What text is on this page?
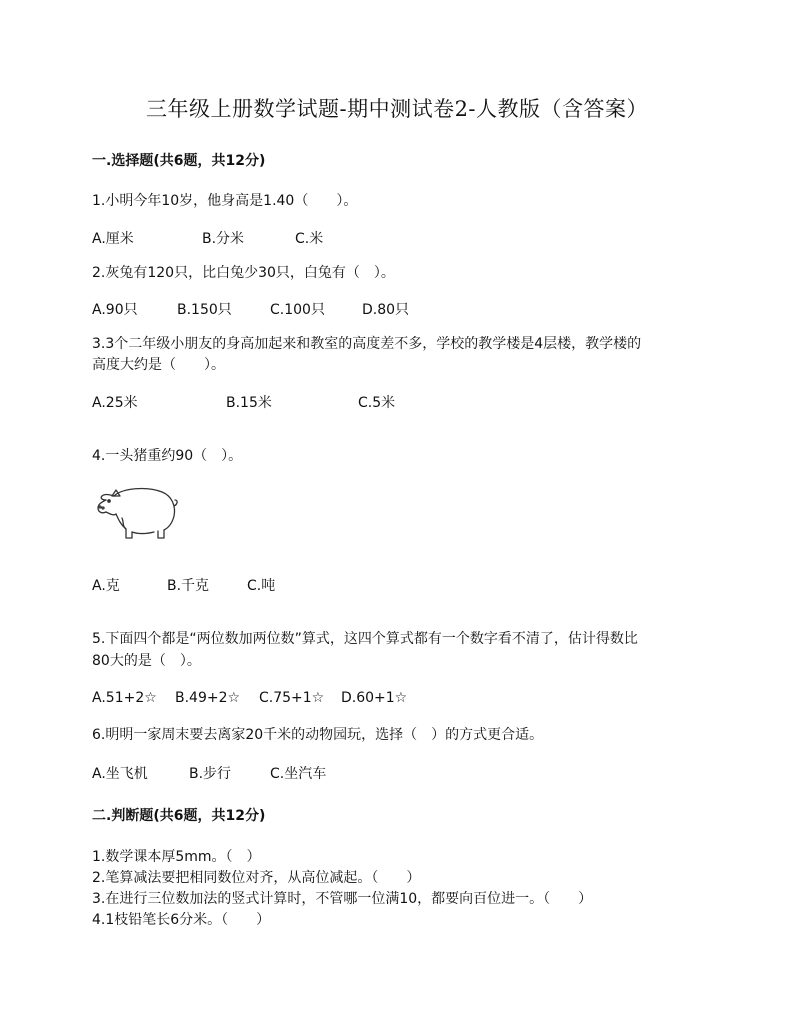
三年级上册数学试题-期中测试卷2-人教版（含答案）
一.选择题(共6题，共12分)
1.小明今年10岁，他身高是1.40（　　）。
A.厘米	B.分米	C.米
2.灰兔有120只，比白兔少30只，白兔有（　）。
A.90只	B.150只	C.100只	D.80只
3.3个二年级小朋友的身高加起来和教室的高度差不多，学校的教学楼是4层楼，教学楼的
高度大约是（　　）。
A.25米	B.15米	C.5米
4.一头猪重约90（　）。
A.克	B.千克	C.吨
5.下面四个都是“两位数加两位数”算式，这四个算式都有一个数字看不清了，估计得数比
80大的是（　）。
A.51+2☆ B.49+2☆ C.75+1☆ D.60+1☆
6.明明一家周末要去离家20千米的动物园玩，选择（　）的方式更合适。
A.坐飞机	B.步行	C.坐汽车
二.判断题(共6题，共12分)
1.数学课本厚5mm。（　）
2.笔算减法要把相同数位对齐，从高位减起。（　　）
3.在进行三位数加法的竖式计算时，不管哪一位满10，都要向百位进一。（　　）
4.1枝铅笔长6分米。（　　）
